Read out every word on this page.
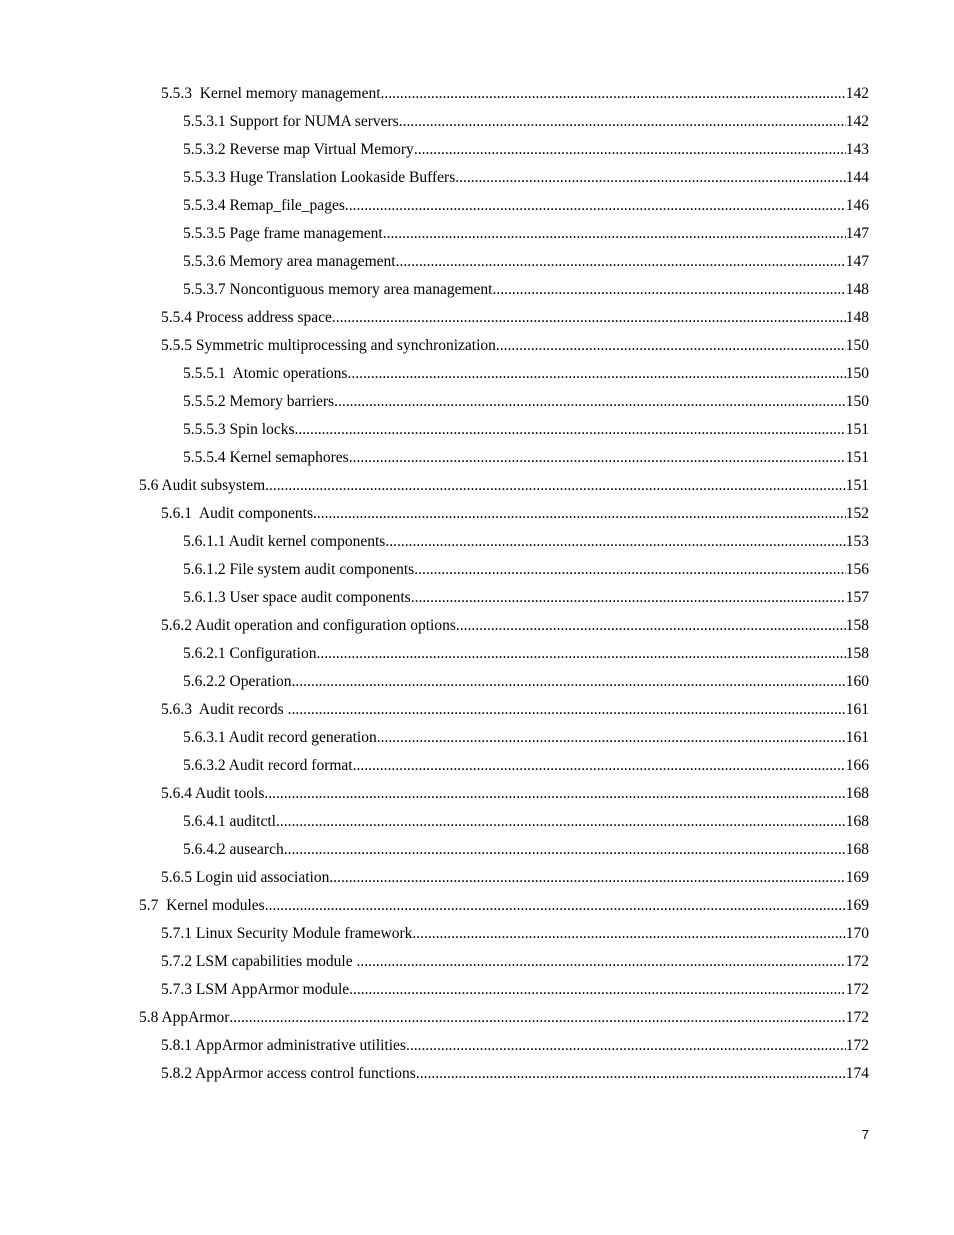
5.5.3  Kernel memory management .....	142
5.5.3.1 Support for NUMA servers .....	142
5.5.3.2 Reverse map Virtual Memory .....	143
5.5.3.3 Huge Translation Lookaside Buffers .....	144
5.5.3.4 Remap_file_pages .....	146
5.5.3.5 Page frame management .....	147
5.5.3.6 Memory area management .....	147
5.5.3.7 Noncontiguous memory area management .....	148
5.5.4 Process address space .....	148
5.5.5 Symmetric multiprocessing and synchronization .....	150
5.5.5.1  Atomic operations .....	150
5.5.5.2 Memory barriers .....	150
5.5.5.3 Spin locks .....	151
5.5.5.4 Kernel semaphores .....	151
5.6 Audit subsystem .....	151
5.6.1  Audit components .....	152
5.6.1.1 Audit kernel components .....	153
5.6.1.2 File system audit components .....	156
5.6.1.3 User space audit components .....	157
5.6.2 Audit operation and configuration options .....	158
5.6.2.1 Configuration .....	158
5.6.2.2 Operation .....	160
5.6.3  Audit records .....	161
5.6.3.1 Audit record generation .....	161
5.6.3.2 Audit record format .....	166
5.6.4 Audit tools .....	168
5.6.4.1 auditctl .....	168
5.6.4.2 ausearch .....	168
5.6.5 Login uid association .....	169
5.7  Kernel modules .....	169
5.7.1 Linux Security Module framework .....	170
5.7.2 LSM capabilities module .....	172
5.7.3 LSM AppArmor module .....	172
5.8 AppArmor .....	172
5.8.1 AppArmor administrative utilities .....	172
5.8.2 AppArmor access control functions .....	174
7
